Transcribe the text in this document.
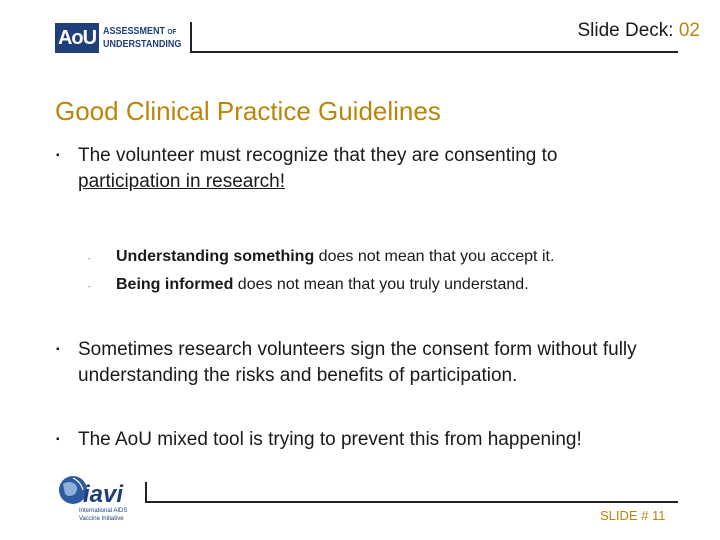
AoU ASSESSMENT OF
UNDERSTANDING
Slide Deck: 02
Good Clinical Practice Guidelines
▪ The volunteer must recognize that they are consenting to
participation in research!
- Understanding something does not mean that you accept it.
- Being informed does not mean that you truly understand.
▪ Sometimes research volunteers sign the consent form without fully understanding the risks and benefits of participation.
▪ The AoU mixed tool is trying to prevent this from happening!
iavi
International AIDS
Vaccine Initiative	SLIDE # 11
